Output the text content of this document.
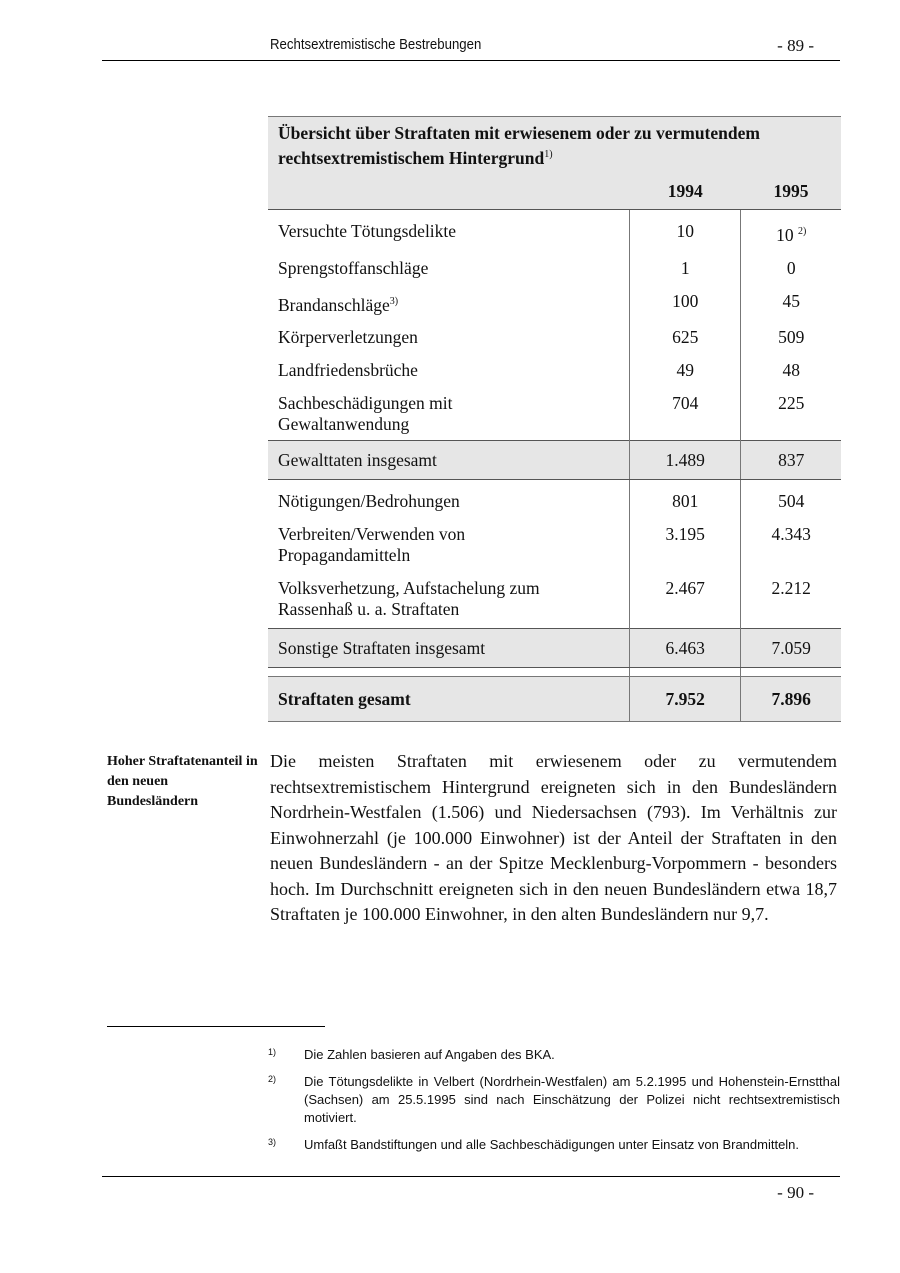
Rechtsextremistische Bestrebungen	- 89 -
Übersicht über Straftaten mit erwiesenem oder zu vermutendem rechtsextremistischem Hintergrund$^{1)}$
	1994	1995

Versuchte Tötungsdelikte	10	10 $^{2)}$
Sprengstoffanschläge	1	0
Brandanschläge$^{3)}$	100	45
Körperverletzungen	625	509
Landfriedensbrüche	49	48
Sachbeschädigungen mit Gewaltanwendung	704	225
Gewalttaten insgesamt	1.489	837

Nötigungen/Bedrohungen	801	504
Verbreiten/Verwenden von Propagandamitteln	3.195	4.343
Volksverhetzung, Aufstachelung zum Rassenhaß u. a. Straftaten	2.467	2.212
Sonstige Straftaten insgesamt	6.463	7.059

Straftaten gesamt	7.952	7.896
Hoher Straftatenanteil in den neuen Bundesländern
Die meisten Straftaten mit erwiesenem oder zu vermutendem rechtsextremistischem Hintergrund ereigneten sich in den Bundesländern Nordrhein-Westfalen (1.506) und Niedersachsen (793). Im Verhältnis zur Einwohnerzahl (je 100.000 Einwohner) ist der Anteil der Straftaten in den neuen Bundesländern - an der Spitze Mecklenburg-Vorpommern - besonders hoch. Im Durchschnitt ereigneten sich in den neuen Bundesländern etwa 18,7 Straftaten je 100.000 Einwohner, in den alten Bundesländern nur 9,7.
1)	Die Zahlen basieren auf Angaben des BKA.
2)	Die Tötungsdelikte in Velbert (Nordrhein-Westfalen) am 5.2.1995 und Hohenstein-Ernstthal (Sachsen) am 25.5.1995 sind nach Einschätzung der Polizei nicht rechtsextremistisch motiviert.
3)	Umfaßt Bandstiftungen und alle Sachbeschädigungen unter Einsatz von Brandmitteln.
- 90 -
